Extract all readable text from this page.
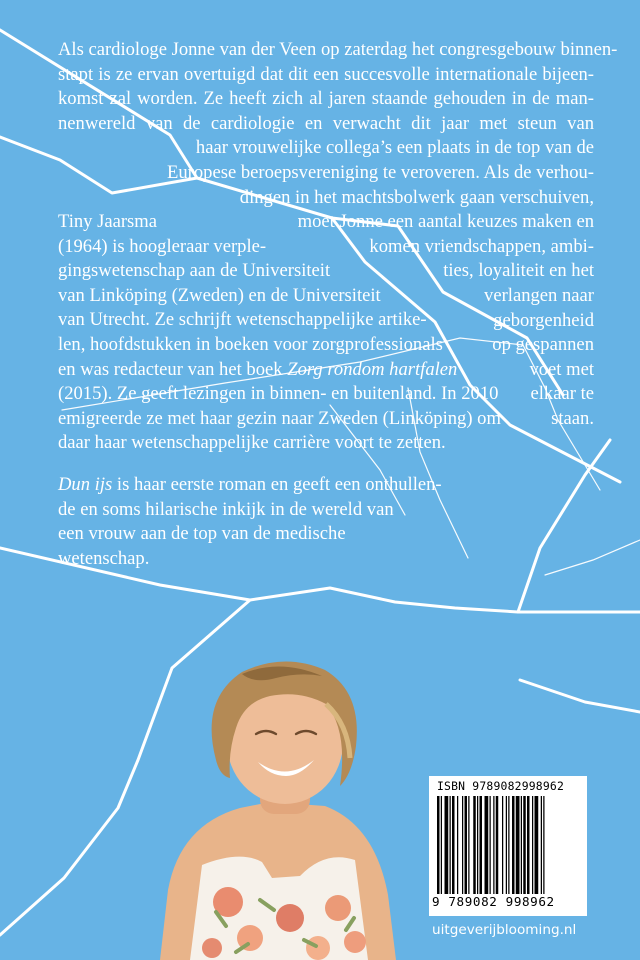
Als cardiologe Jonne van der Veen op zaterdag het congresgebouw binnen-
stapt is ze ervan overtuigd dat dit een succesvolle internationale bijeen-
komst zal worden. Ze heeft zich al jaren staande gehouden in de man-
nenwereld van de cardiologie en verwacht dit jaar met steun van
haar vrouwelijke collega’s een plaats in de top van de
Europese beroepsvereniging te veroveren. Als de verhou-
dingen in het machtsbolwerk gaan verschuiven,
moet Jonne een aantal keuzes maken en
komen vriendschappen, ambi-
ties, loyaliteit en het
verlangen naar
geborgenheid
op gespannen
voet met
elkaar te
staan.
Tiny Jaarsma
(1964) is hoogleraar verple-
gingswetenschap aan de Universiteit
van Linköping (Zweden) en de Universiteit
van Utrecht. Ze schrijft wetenschappelijke artike-
len, hoofdstukken in boeken voor zorgprofessionals
en was redacteur van het boek Zorg rondom hartfalen
(2015). Ze geeft lezingen in binnen- en buitenland. In 2010
emigreerde ze met haar gezin naar Zweden (Linköping) om
daar haar wetenschappelijke carrière voort te zetten.
Dun ijs is haar eerste roman en geeft een onthullen-
de en soms hilarische inkijk in de wereld van
een vrouw aan de top van de medische
wetenschap.
ISBN 9789082998962
9 789082 998962
uitgeverijblooming.nl
